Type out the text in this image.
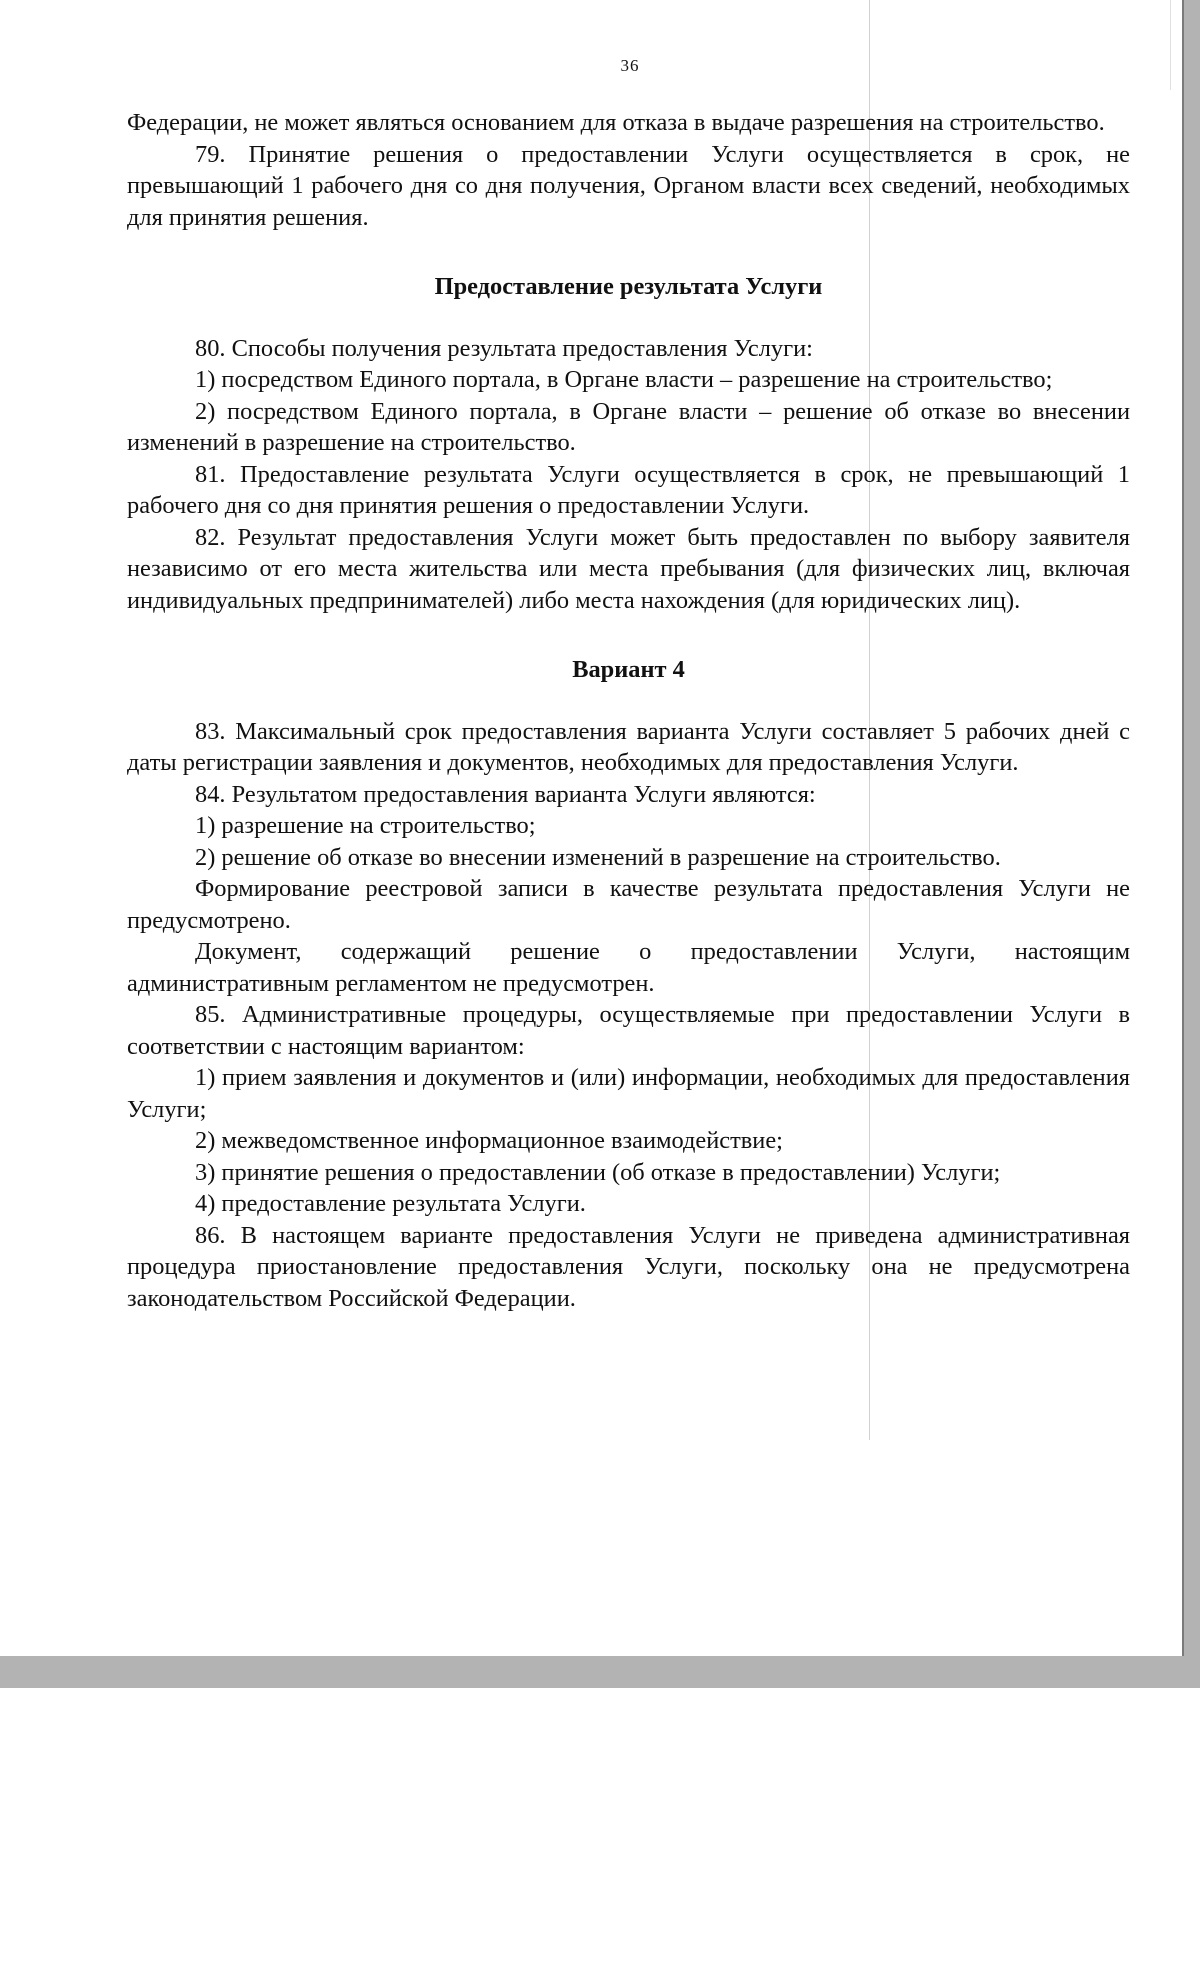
36

Федерации, не может являться основанием для отказа в выдаче разрешения на строительство.

79. Принятие решения о предоставлении Услуги осуществляется в срок, не превышающий 1 рабочего дня со дня получения, Органом власти всех сведений, необходимых для принятия решения.

Предоставление результата Услуги

80. Способы получения результата предоставления Услуги:

1) посредством Единого портала, в Органе власти – разрешение на строительство;

2) посредством Единого портала, в Органе власти – решение об отказе во внесении изменений в разрешение на строительство.

81. Предоставление результата Услуги осуществляется в срок, не превышающий 1 рабочего дня со дня принятия решения о предоставлении Услуги.

82. Результат предоставления Услуги может быть предоставлен по выбору заявителя независимо от его места жительства или места пребывания (для физических лиц, включая индивидуальных предпринимателей) либо места нахождения (для юридических лиц).

Вариант 4

83. Максимальный срок предоставления варианта Услуги составляет 5 рабочих дней с даты регистрации заявления и документов, необходимых для предоставления Услуги.

84. Результатом предоставления варианта Услуги являются:

1) разрешение на строительство;

2) решение об отказе во внесении изменений в разрешение на строительство.

Формирование реестровой записи в качестве результата предоставления Услуги не предусмотрено.

Документ, содержащий решение о предоставлении Услуги, настоящим административным регламентом не предусмотрен.

85. Административные процедуры, осуществляемые при предоставлении Услуги в соответствии с настоящим вариантом:

1) прием заявления и документов и (или) информации, необходимых для предоставления Услуги;

2) межведомственное информационное взаимодействие;

3) принятие решения о предоставлении (об отказе в предоставлении) Услуги;

4) предоставление результата Услуги.

86. В настоящем варианте предоставления Услуги не приведена административная процедура приостановление предоставления Услуги, поскольку она не предусмотрена законодательством Российской Федерации.
